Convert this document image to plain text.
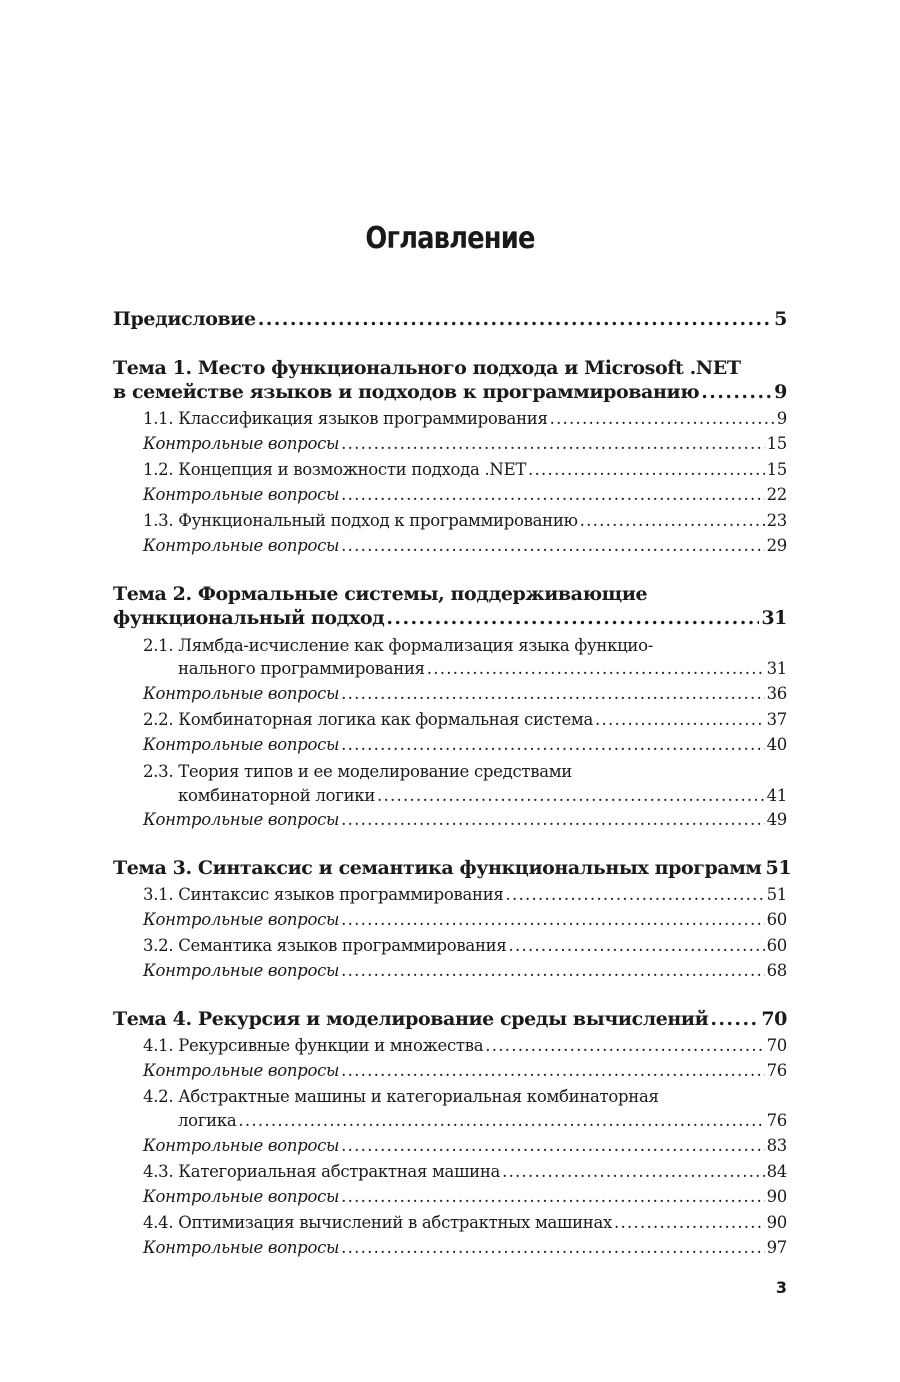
Оглавление
Предисловие . . .	5
Тема 1. Место функционального подхода и Microsoft .NET
в семействе языков и подходов к программированию . . .	9
1.1. Классификация языков программирования . . .	9
Контрольные вопросы . . .	15
1.2. Концепция и возможности подхода .NET . . .	15
Контрольные вопросы . . .	22
1.3. Функциональный подход к программированию . . .	23
Контрольные вопросы . . .	29
Тема 2. Формальные системы, поддерживающие
функциональный подход . . .	31
2.1. Лямбда-исчисление как формализация языка функцио-
нального программирования . . .	31
Контрольные вопросы . . .	36
2.2. Комбинаторная логика как формальная система . . .	37
Контрольные вопросы . . .	40
2.3. Теория типов и ее моделирование средствами
комбинаторной логики . . .	41
Контрольные вопросы . . .	49
Тема 3. Синтаксис и семантика функциональных программ 51
3.1. Синтаксис языков программирования . . .	51
Контрольные вопросы . . .	60
3.2. Семантика языков программирования . . .	60
Контрольные вопросы . . .	68
Тема 4. Рекурсия и моделирование среды вычислений . . .	70
4.1. Рекурсивные функции и множества . . .	70
Контрольные вопросы . . .	76
4.2. Абстрактные машины и категориальная комбинаторная
логика . . .	76
Контрольные вопросы . . .	83
4.3. Категориальная абстрактная машина . . .	84
Контрольные вопросы . . .	90
4.4. Оптимизация вычислений в абстрактных машинах . . .	90
Контрольные вопросы . . .	97
3
